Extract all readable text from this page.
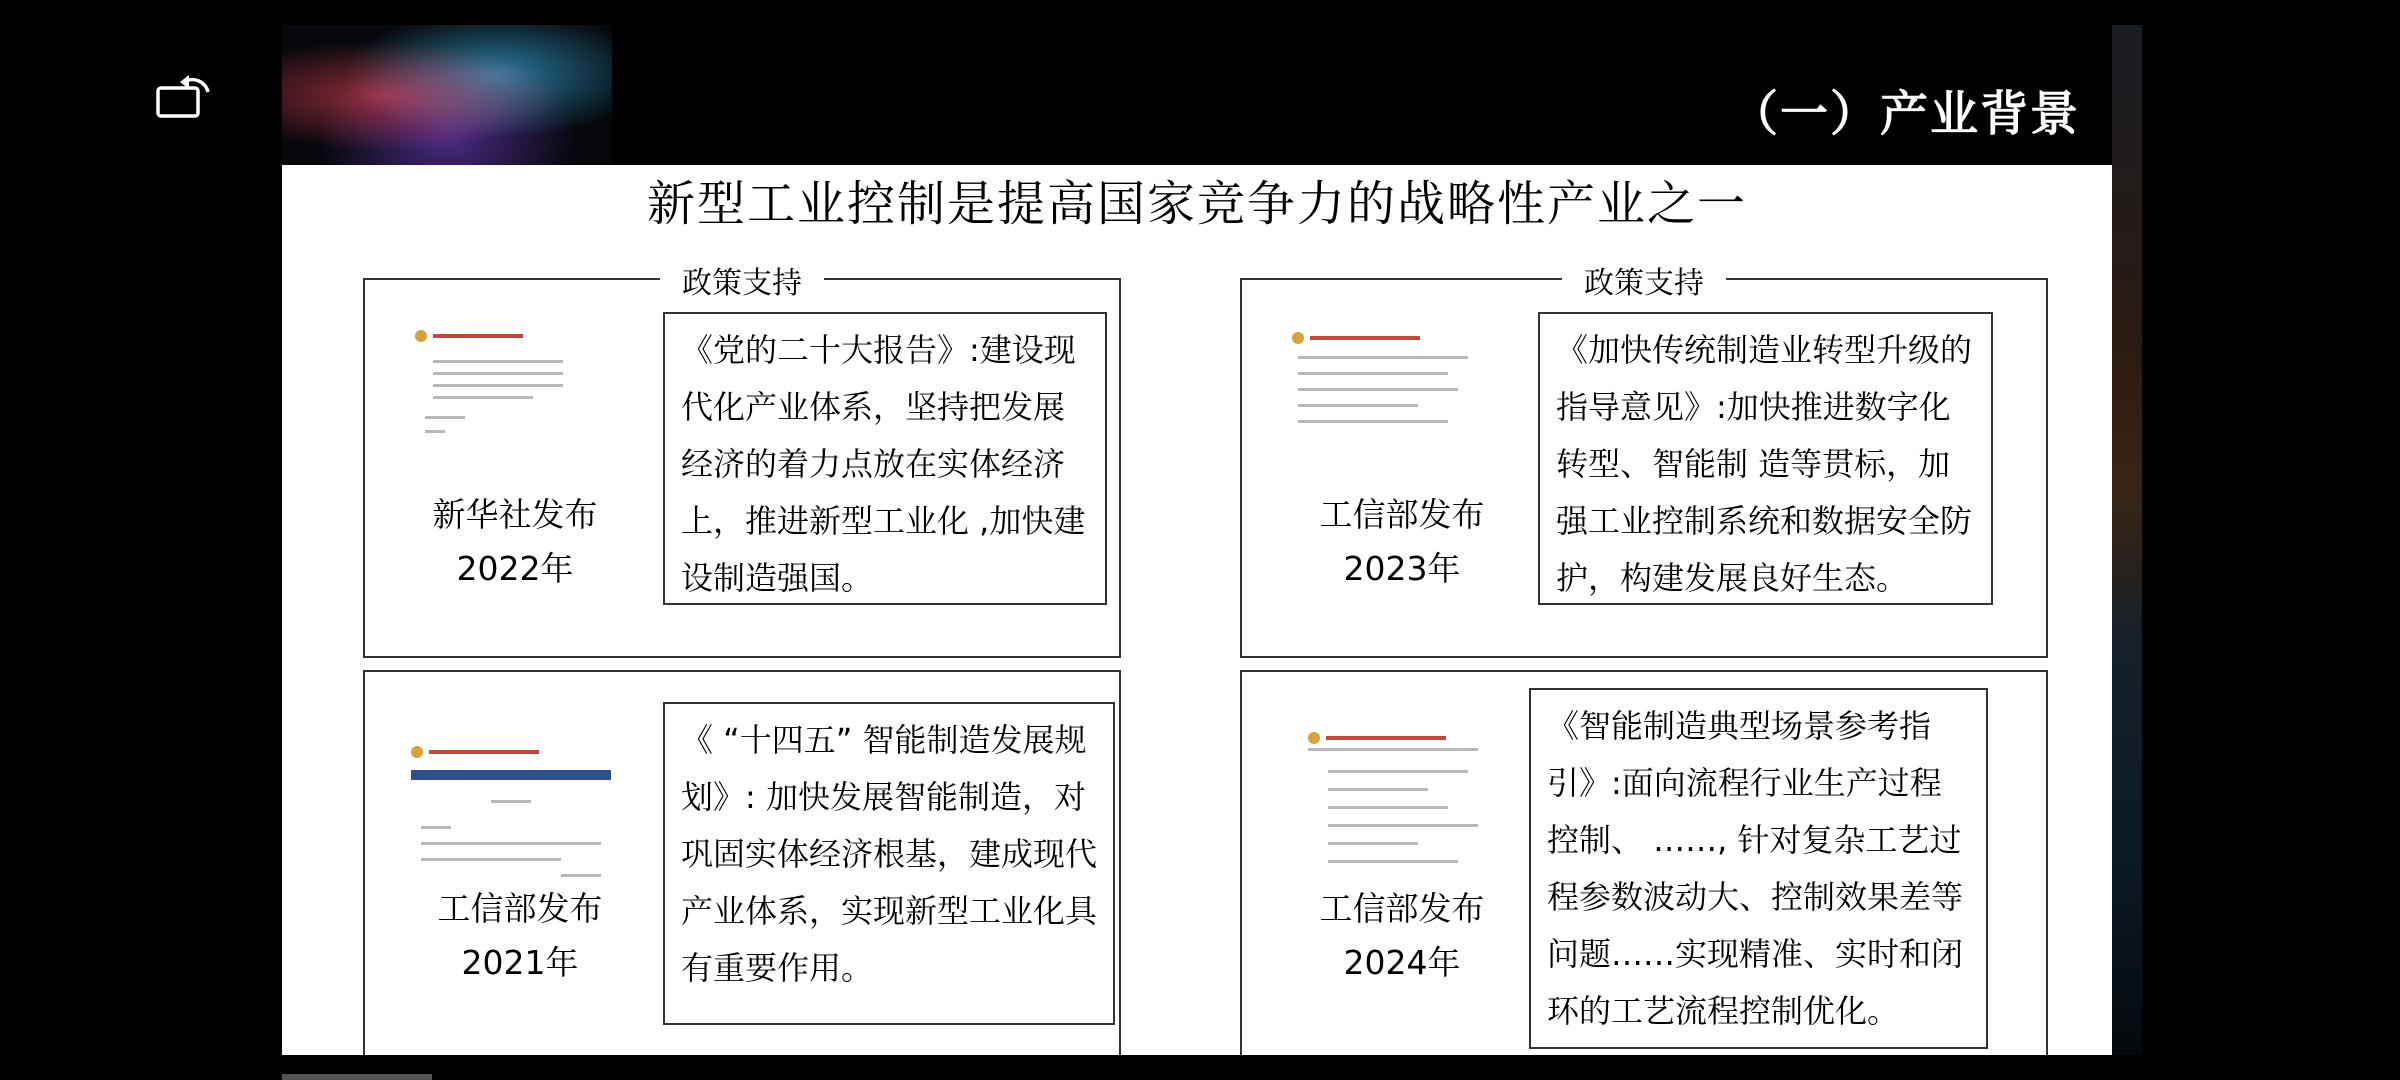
（一）产业背景
新型工业控制是提高国家竞争力的战略性产业之一
政策支持
新华社发布
2022年
《党的二十大报告》:建设现代化产业体系，坚持把发展经济的着力点放在实体经济上，推进新型工业化 ,加快建设制造强国。
政策支持
工信部发布
2023年
《加快传统制造业转型升级的指导意见》:加快推进数字化转型、智能制 造等贯标，加强工业控制系统和数据安全防护，构建发展良好生态。
工信部发布
2021年
《 “十四五” 智能制造发展规划》: 加快发展智能制造，对巩固实体经济根基，建成现代产业体系，实现新型工业化具有重要作用。
工信部发布
2024年
《智能制造典型场景参考指引》:面向流程行业生产过程控制、 ……, 针对复杂工艺过程参数波动大、控制效果差等问题……实现精准、实时和闭环的工艺流程控制优化。
